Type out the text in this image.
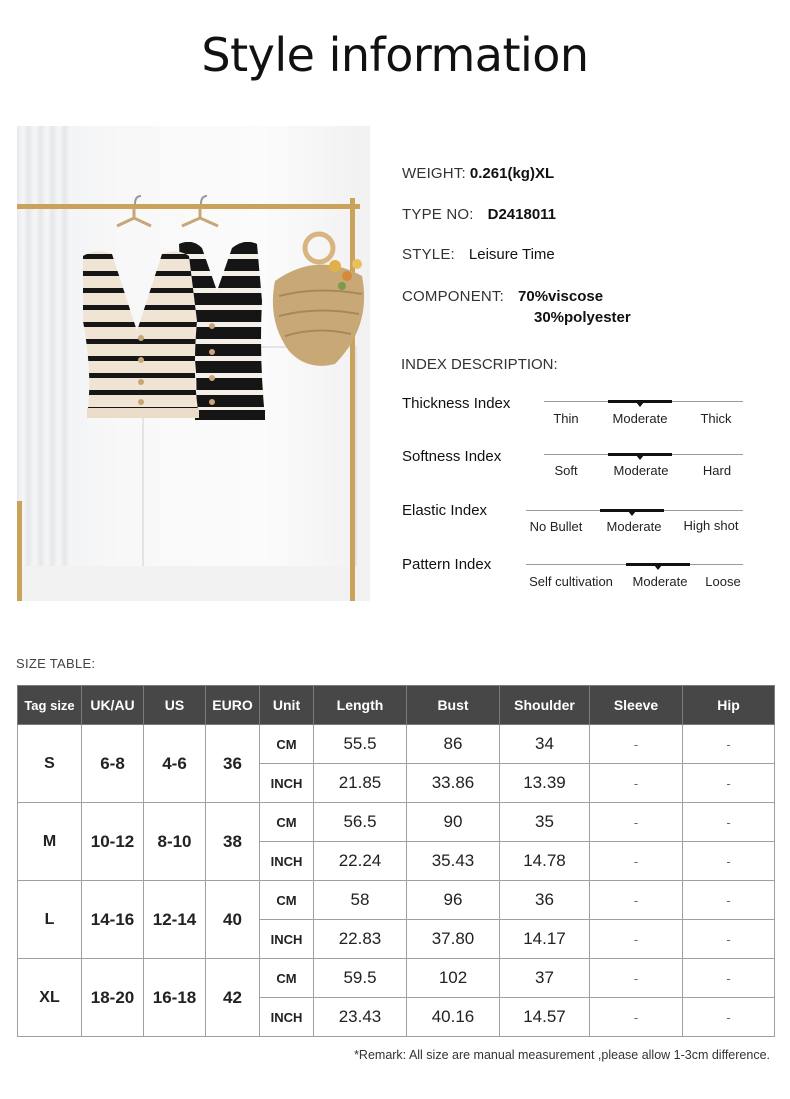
Style information
WEIGHT: 0.261(kg)XL
TYPE NO: D2418011
STYLE: Leisure Time
COMPONENT: 70%viscose
30%polyester
INDEX DESCRIPTION:
Thickness Index
Thin	Moderate	Thick
Softness Index
Soft	Moderate	Hard
Elastic Index
No Bullet Moderate High shot
Pattern Index
Self cultivation Moderate Loose
SIZE TABLE:
Tag size	UK/AU	US	EURO	Unit	Length	Bust	Shoulder	Sleeve	Hip
S	6-8	4-6	36	CM	55.5	86	34	-	-
				INCH	21.85	33.86	13.39	-	-
M	10-12	8-10	38	CM	56.5	90	35	-	-
				INCH	22.24	35.43	14.78	-	-
L	14-16	12-14	40	CM	58	96	36	-	-
				INCH	22.83	37.80	14.17	-	-
XL	18-20	16-18	42	CM	59.5	102	37	-	-
				INCH	23.43	40.16	14.57	-	-
*Remark: All size are manual measurement ,please allow 1-3cm difference.
